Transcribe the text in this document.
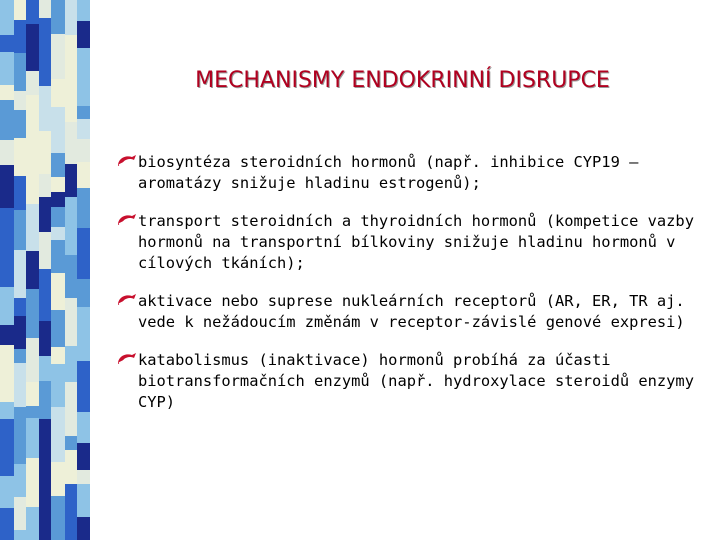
MECHANISMY ENDOKRINNÍ DISRUPCE
biosyntéza steroidních hormonů (např. inhibice CYP19 – aromatázy snižuje hladinu estrogenů);
transport steroidních a thyroidních hormonů (kompetice vazby hormonů na transportní bílkoviny snižuje hladinu hormonů v cílových tkáních);
aktivace nebo suprese nukleárních receptorů (AR, ER, TR aj. vede k nežádoucím změnám v receptor-závislé genové expresi)
katabolismus (inaktivace) hormonů probíhá za účasti biotransformačních enzymů (např. hydroxylace steroidů enzymy CYP)
